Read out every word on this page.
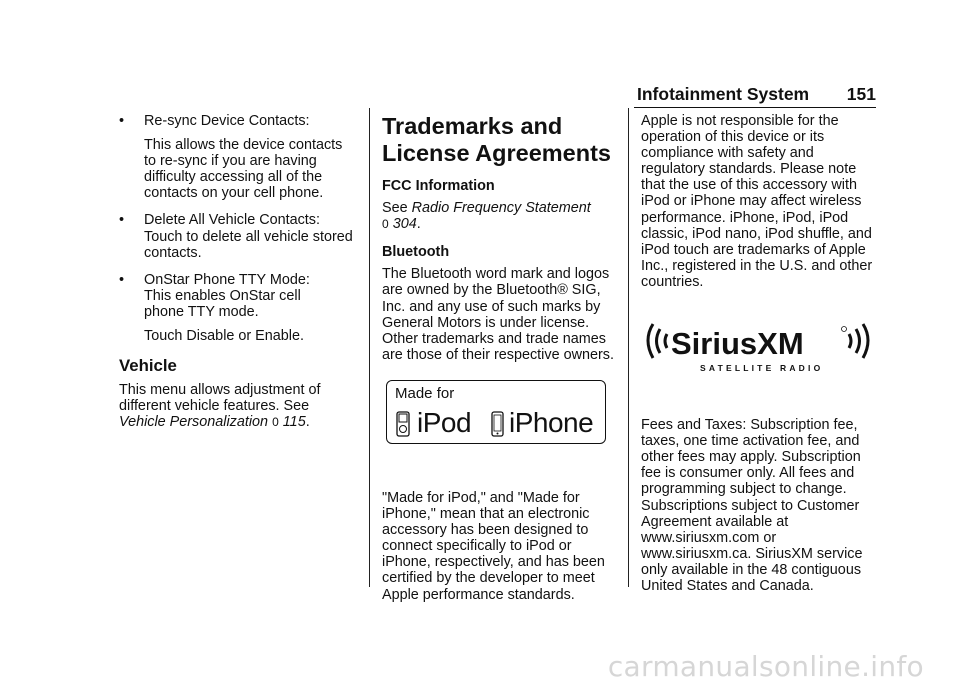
Infotainment System 151
•	Re-sync Device Contacts:

This allows the device contacts to re-sync if you are having difficulty accessing all of the contacts on your cell phone.

•	Delete All Vehicle Contacts: Touch to delete all vehicle stored contacts.

•	OnStar Phone TTY Mode: This enables OnStar cell phone TTY mode.

Touch Disable or Enable.

Vehicle

This menu allows adjustment of different vehicle features. See Vehicle Personalization 0 115.

Trademarks and License Agreements
FCC Information

See Radio Frequency Statement
0 304.

Bluetooth

The Bluetooth word mark and logos are owned by the Bluetooth® SIG, Inc. and any use of such marks by General Motors is under license. Other trademarks and trade names are those of their respective owners.

"Made for iPod," and "Made for iPhone," mean that an electronic accessory has been designed to connect specifically to iPod or iPhone, respectively, and has been certified by the developer to meet Apple performance standards.

Made for
iPod iPhone

Apple is not responsible for the operation of this device or its compliance with safety and regulatory standards. Please note that the use of this accessory with iPod or iPhone may affect wireless performance. iPhone, iPod, iPod classic, iPod nano, iPod shuffle, and iPod touch are trademarks of Apple Inc., registered in the U.S. and other countries.

Fees and Taxes: Subscription fee, taxes, one time activation fee, and other fees may apply. Subscription fee is consumer only. All fees and programming subject to change. Subscriptions subject to Customer Agreement available at www.siriusxm.com or www.siriusxm.ca. SiriusXM service only available in the 48 contiguous United States and Canada.

SiriusXM
SATELLITE RADIO
carmanualsonline.info
